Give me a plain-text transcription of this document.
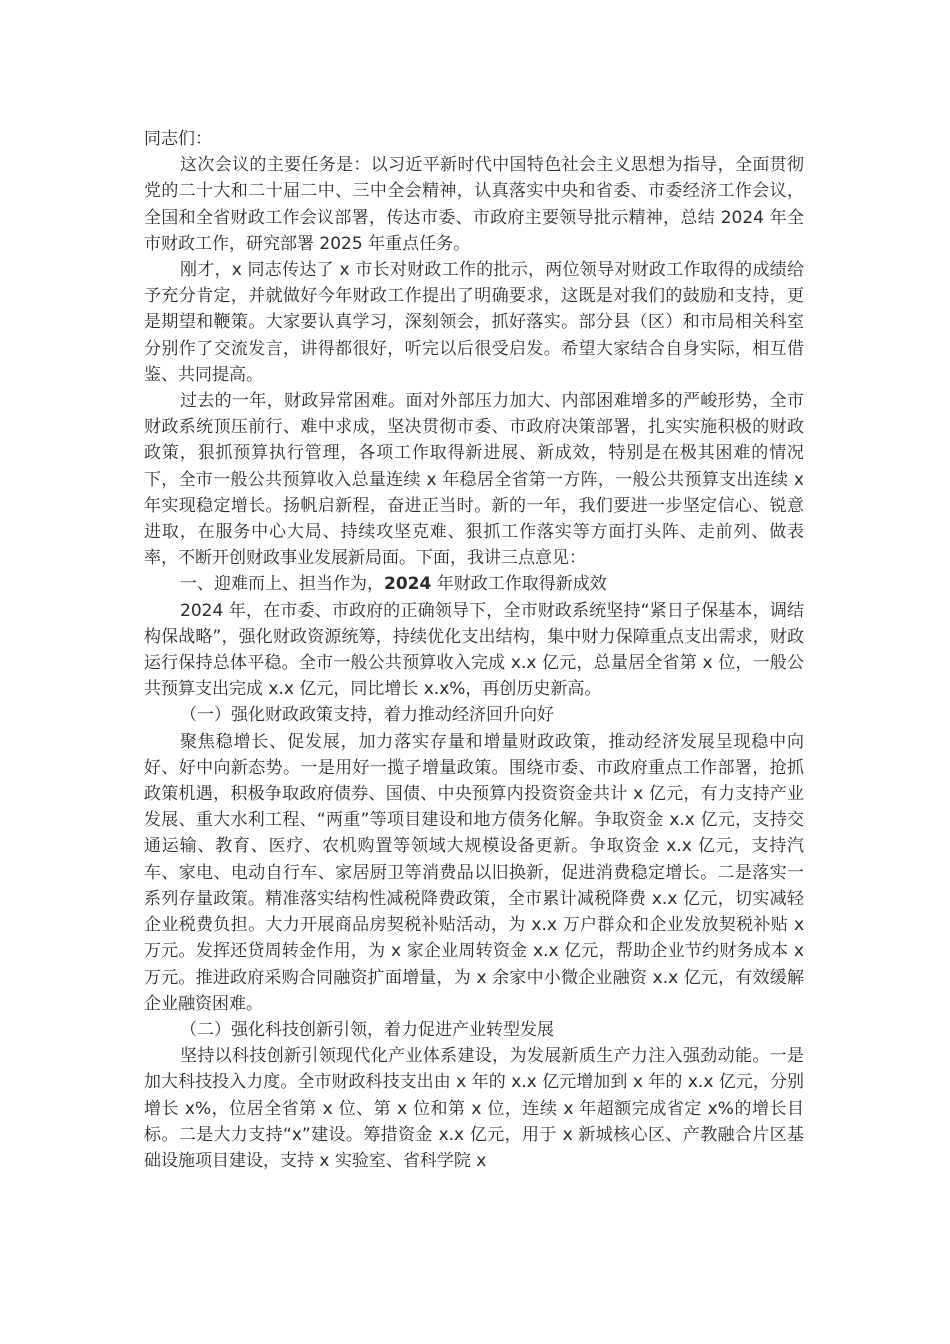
同志们：

这次会议的主要任务是：以习近平新时代中国特色社会主义思想为指导，全面贯彻党的二十大和二十届二中、三中全会精神，认真落实中央和省委、市委经济工作会议，全国和全省财政工作会议部署，传达市委、市政府主要领导批示精神，总结 2024 年全市财政工作，研究部署 2025 年重点任务。

刚才，x 同志传达了 x 市长对财政工作的批示，两位领导对财政工作取得的成绩给予充分肯定，并就做好今年财政工作提出了明确要求，这既是对我们的鼓励和支持，更是期望和鞭策。大家要认真学习，深刻领会，抓好落实。部分县（区）和市局相关科室分别作了交流发言，讲得都很好，听完以后很受启发。希望大家结合自身实际，相互借鉴、共同提高。

过去的一年，财政异常困难。面对外部压力加大、内部困难增多的严峻形势，全市财政系统顶压前行、难中求成，坚决贯彻市委、市政府决策部署，扎实实施积极的财政政策，狠抓预算执行管理，各项工作取得新进展、新成效，特别是在极其困难的情况下，全市一般公共预算收入总量连续 x 年稳居全省第一方阵，一般公共预算支出连续 x 年实现稳定增长。扬帆启新程，奋进正当时。新的一年，我们要进一步坚定信心、锐意进取，在服务中心大局、持续攻坚克难、狠抓工作落实等方面打头阵、走前列、做表率，不断开创财政事业发展新局面。下面，我讲三点意见：

一、迎难而上、担当作为，2024 年财政工作取得新成效

2024 年，在市委、市政府的正确领导下，全市财政系统坚持“紧日子保基本，调结构保战略”，强化财政资源统筹，持续优化支出结构，集中财力保障重点支出需求，财政运行保持总体平稳。全市一般公共预算收入完成 x.x 亿元，总量居全省第 x 位，一般公共预算支出完成 x.x 亿元，同比增长 x.x%，再创历史新高。

（一）强化财政政策支持，着力推动经济回升向好

聚焦稳增长、促发展，加力落实存量和增量财政政策，推动经济发展呈现稳中向好、好中向新态势。一是用好一揽子增量政策。围绕市委、市政府重点工作部署，抢抓政策机遇，积极争取政府债券、国债、中央预算内投资资金共计 x 亿元，有力支持产业发展、重大水利工程、“两重”等项目建设和地方债务化解。争取资金 x.x 亿元，支持交通运输、教育、医疗、农机购置等领域大规模设备更新。争取资金 x.x 亿元，支持汽车、家电、电动自行车、家居厨卫等消费品以旧换新，促进消费稳定增长。二是落实一系列存量政策。精准落实结构性减税降费政策，全市累计减税降费 x.x 亿元，切实减轻企业税费负担。大力开展商品房契税补贴活动，为 x.x 万户群众和企业发放契税补贴 x 万元。发挥还贷周转金作用，为 x 家企业周转资金 x.x 亿元，帮助企业节约财务成本 x 万元。推进政府采购合同融资扩面增量，为 x 余家中小微企业融资 x.x 亿元，有效缓解企业融资困难。

（二）强化科技创新引领，着力促进产业转型发展

坚持以科技创新引领现代化产业体系建设，为发展新质生产力注入强劲动能。一是加大科技投入力度。全市财政科技支出由 x 年的 x.x 亿元增加到 x 年的 x.x 亿元，分别增长 x%，位居全省第 x 位、第 x 位和第 x 位，连续 x 年超额完成省定 x%的增长目标。二是大力支持“x”建设。筹措资金 x.x 亿元，用于 x 新城核心区、产教融合片区基础设施项目建设，支持 x 实验室、省科学院 x
